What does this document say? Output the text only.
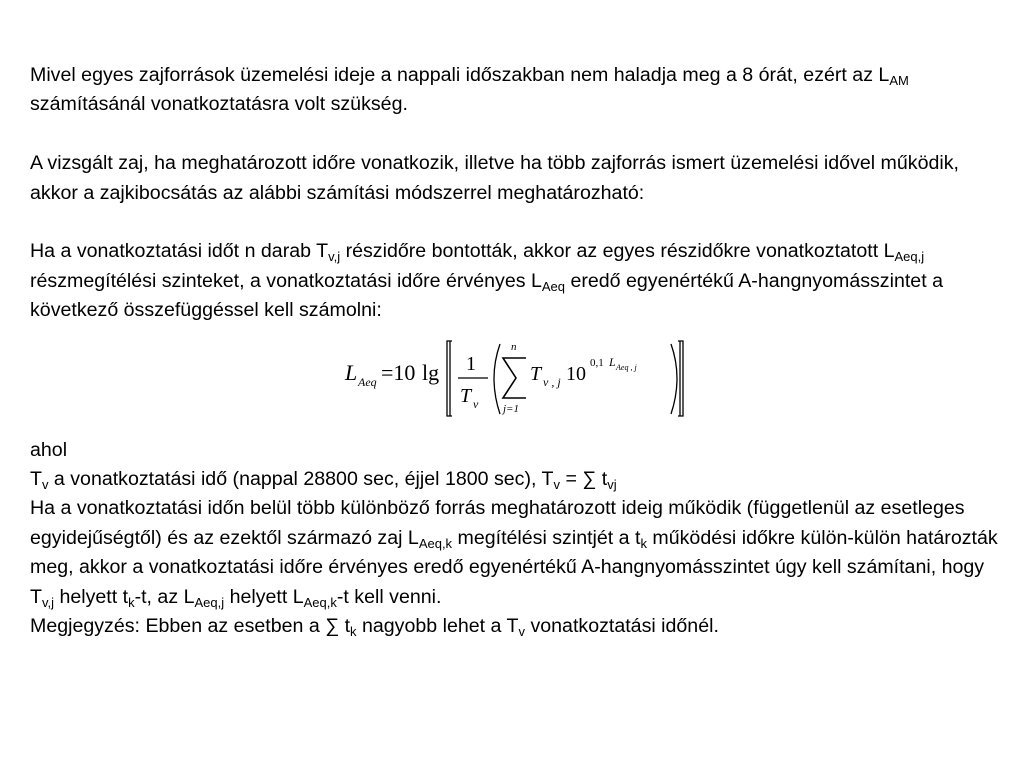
Mivel egyes zajforrások üzemelési ideje a nappali időszakban nem haladja meg a 8 órát, ezért az $L_{AM}$ számításánál vonatkoztatásra volt szükség.

A vizsgált zaj, ha meghatározott időre vonatkozik, illetve ha több zajforrás ismert üzemelési idővel működik, akkor a zajkibocsátás az alábbi számítási módszerrel meghatározható:

Ha a vonatkoztatási időt n darab $T_{v,j}$ részidőre bontották, akkor az egyes részidőkre vonatkoztatott $L_{Aeq,j}$ részmegítélési szinteket, a vonatkoztatási időre érvényes $L_{Aeq}$ eredő egyenértékű A-hangnyomásszintet a következő összefüggéssel kell számolni:

L Aeq =10 lg 1
T v
n
j=1
T v , j 10 0,1 L Aeq , j

ahol

$T_v$ a vonatkoztatási idő (nappal 28800 sec, éjjel 1800 sec), $T_v$ = ∑ $t_{vj}$

Ha a vonatkoztatási időn belül több különböző forrás meghatározott ideig működik (függetlenül az esetleges egyidejűségtől) és az ezektől származó zaj $L_{Aeq,k}$ megítélési szintjét a $t_k$ működési időkre külön-külön határozták meg, akkor a vonatkoztatási időre érvényes eredő egyenértékű A-hangnyomásszintet úgy kell számítani, hogy $T_{v,j}$ helyett $t_k-t$, az $L_{Aeq,j}$ helyett $L_{Aeq,k}-t$ kell venni.

Megjegyzés: Ebben az esetben a ∑ $t_k$ nagyobb lehet a $T_v$ vonatkoztatási időnél.
